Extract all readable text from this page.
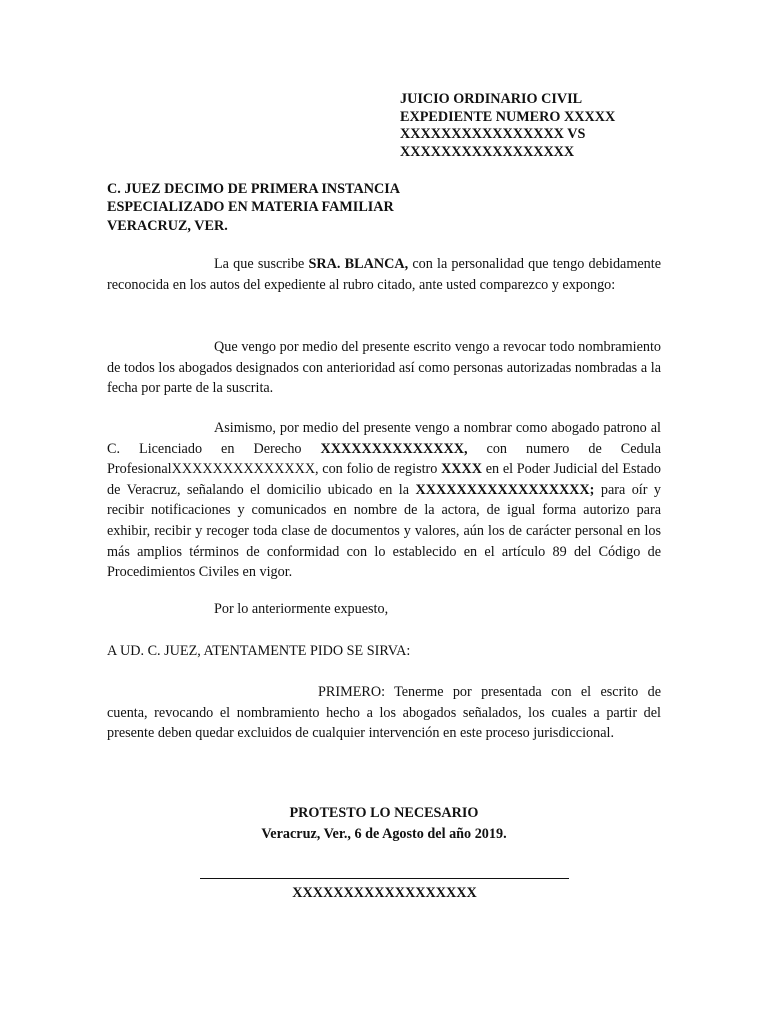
JUICIO ORDINARIO CIVIL
EXPEDIENTE NUMERO XXXXX
XXXXXXXXXXXXXXXX VS
XXXXXXXXXXXXXXXXX
C. JUEZ DECIMO DE PRIMERA INSTANCIA
ESPECIALIZADO EN MATERIA FAMILIAR
VERACRUZ, VER.
La que suscribe SRA. BLANCA, con la personalidad que tengo debidamente reconocida en los autos del expediente al rubro citado, ante usted comparezco y expongo:
Que vengo por medio del presente escrito vengo a revocar todo nombramiento de todos los abogados designados con anterioridad así como personas autorizadas nombradas a la fecha por parte de la suscrita.
Asimismo, por medio del presente vengo a nombrar como abogado patrono al C. Licenciado en Derecho XXXXXXXXXXXXXX, con numero de Cedula ProfesionalXXXXXXXXXXXXXX, con folio de registro XXXX en el Poder Judicial del Estado de Veracruz, señalando el domicilio ubicado en la XXXXXXXXXXXXXXXXX; para oír y recibir notificaciones y comunicados en nombre de la actora, de igual forma autorizo para exhibir, recibir y recoger toda clase de documentos y valores, aún los de carácter personal en los más amplios términos de conformidad con lo establecido en el artículo 89 del Código de Procedimientos Civiles en vigor.
Por lo anteriormente expuesto,
A UD. C. JUEZ, ATENTAMENTE PIDO SE SIRVA:
PRIMERO: Tenerme por presentada con el escrito de cuenta, revocando el nombramiento hecho a los abogados señalados, los cuales a partir del presente deben quedar excluidos de cualquier intervención en este proceso jurisdiccional.
PROTESTO LO NECESARIO
Veracruz, Ver., 6 de Agosto del año 2019.
XXXXXXXXXXXXXXXXXX
